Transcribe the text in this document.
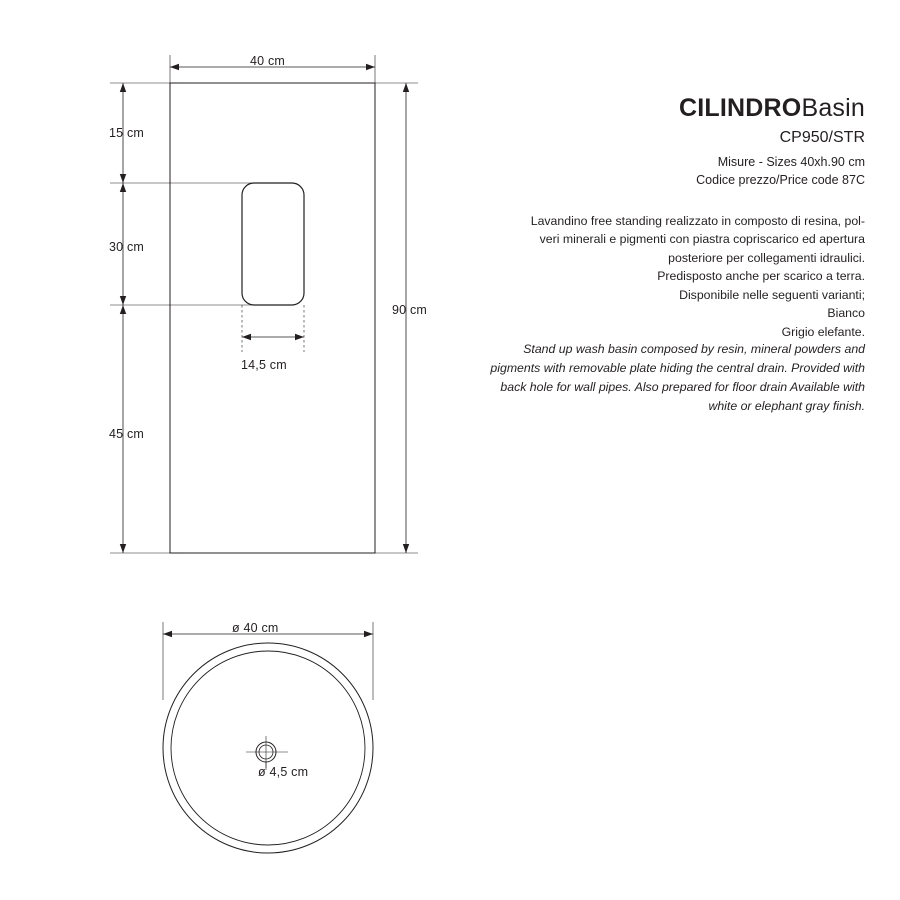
40 cm
90 cm
15 cm
30 cm
45 cm
14,5 cm
ø 40 cm
ø 4,5 cm
CILINDROBasin
CP950/STR
Misure - Sizes 40xh.90 cm
Codice prezzo/Price code 87C
Lavandino free standing realizzato in composto di resina, pol-
veri minerali e pigmenti con piastra copriscarico ed apertura
posteriore per collegamenti idraulici.
Predisposto anche per scarico a terra.
Disponibile nelle seguenti varianti;
Bianco
Grigio elefante.
Stand up wash basin composed by resin, mineral powders and pigments with removable plate hiding the central drain. Provided with back hole for wall pipes. Also prepared for floor drain Available with white or elephant gray finish.
